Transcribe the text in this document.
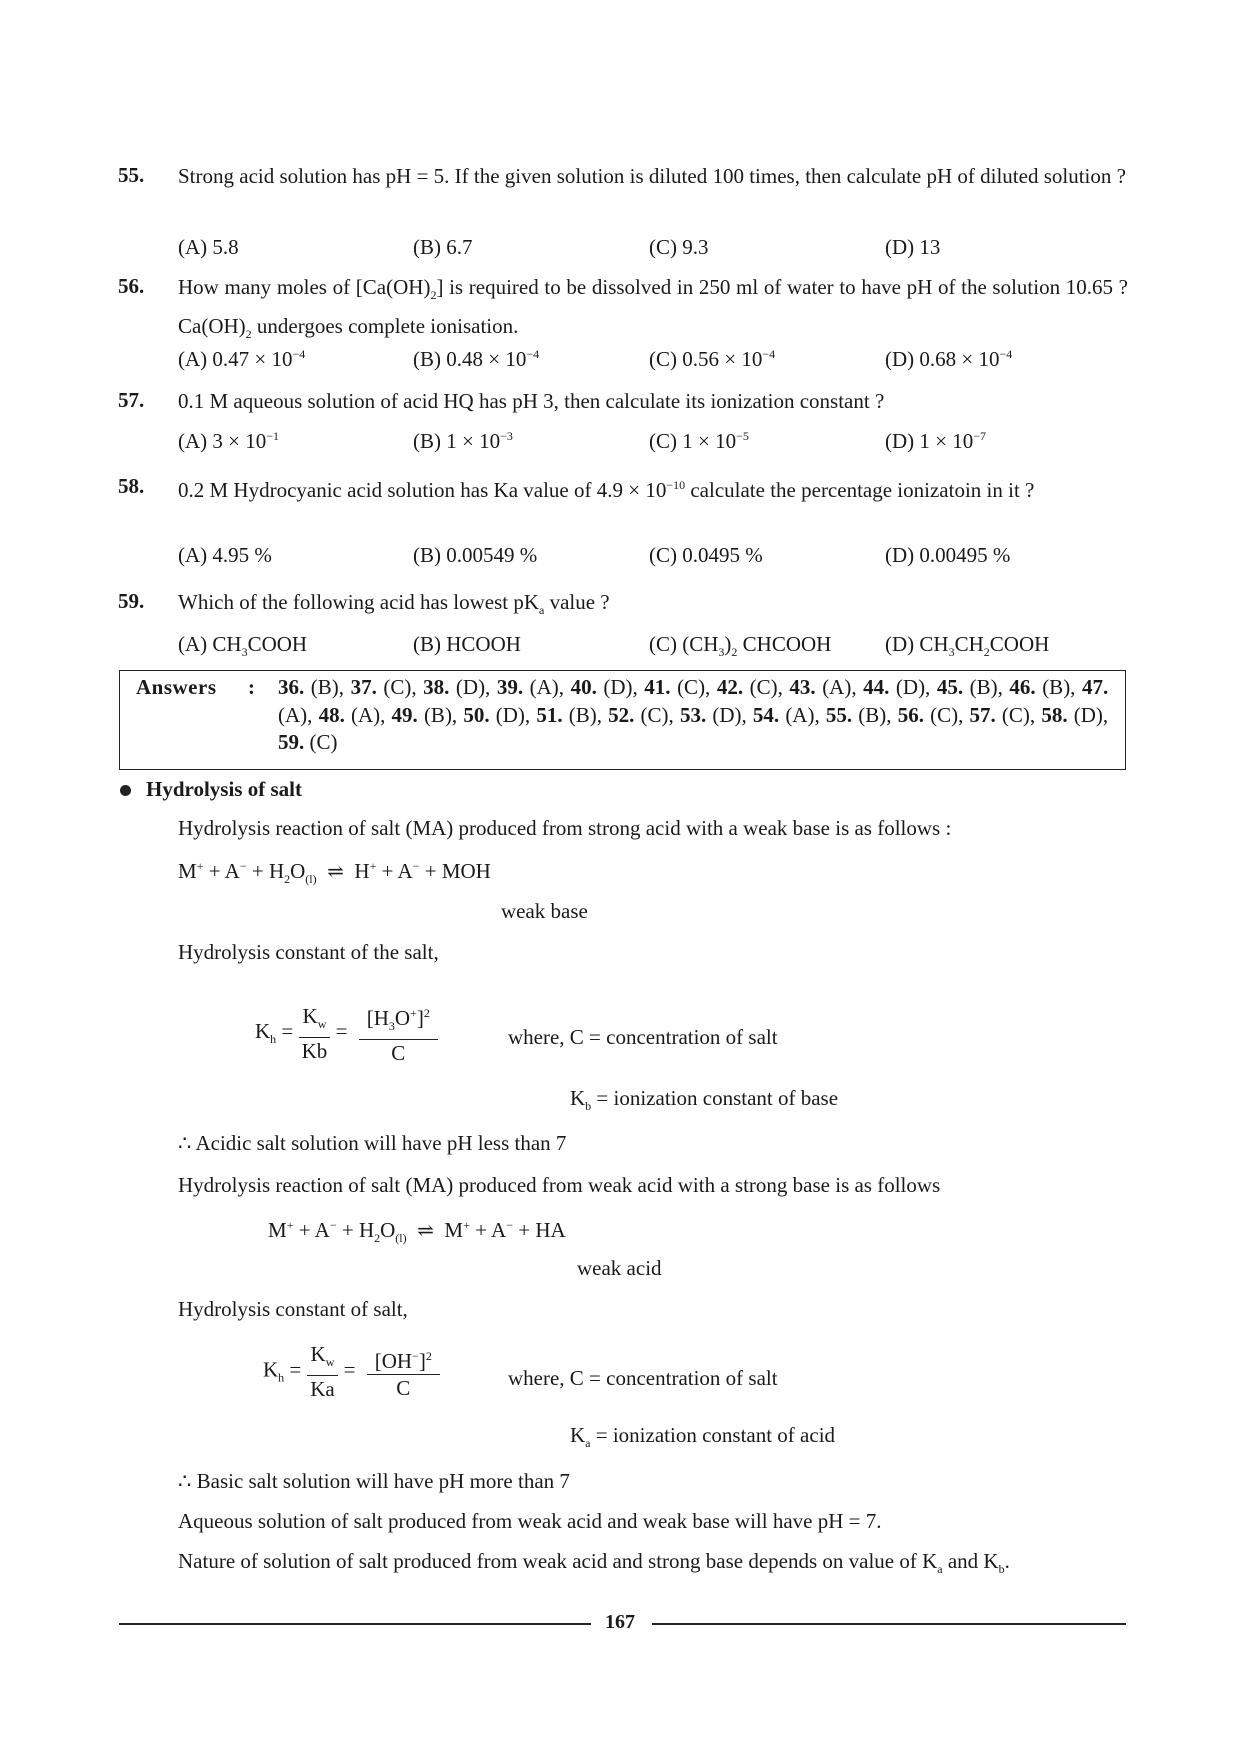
55. Strong acid solution has pH = 5. If the given solution is diluted 100 times, then calculate pH of diluted solution ?
(A) 5.8	(B) 6.7	(C) 9.3	(D) 13
56. How many moles of $[Ca(OH)_2]$ is required to be dissolved in 250 ml of water to have pH of the solution 10.65 ? $Ca(OH)_2$ undergoes complete ionisation.
(A) $0.47 \times 10^{-4}$	(B) $0.48 \times 10^{-4}$	(C) $0.56 \times 10^{-4}$	(D) $0.68 \times 10^{-4}$
57. 0.1 M aqueous solution of acid HQ has pH 3, then calculate its ionization constant ?
(A) $3 \times 10^{-1}$	(B) $1 \times 10^{-3}$	(C) $1 \times 10^{-5}$	(D) $1 \times 10^{-7}$
58. 0.2 M Hydrocyanic acid solution has Ka value of $4.9 \times 10^{-10}$ calculate the percentage ionizatoin in it ?
(A) 4.95 %	(B) 0.00549 %	(C) 0.0495 %	(D) 0.00495 %
59. Which of the following acid has lowest $pK_a$ value ?
(A) $CH_3COOH$	(B) HCOOH	(C) $(CH_3)_2$ CHCOOH	(D) $CH_3CH_2COOH$
Answers : 36. (B), 37. (C), 38. (D), 39. (A), 40. (D), 41. (C), 42. (C), 43. (A), 44. (D), 45. (B), 46. (B), 47. (A), 48. (A), 49. (B), 50. (D), 51. (B), 52. (C), 53. (D), 54. (A), 55. (B), 56. (C), 57. (C), 58. (D), 59. (C)
Hydrolysis of salt
Hydrolysis reaction of salt (MA) produced from strong acid with a weak base is as follows :
$M^+ + A^- + H_2O_{(l)}$ ⇌ H+ + A− + MOH
weak base
Hydrolysis constant of the salt,
$K_h = \frac{K_w}{Kb} = \frac{[H_3O^+]^2}{C}$	where, C = concentration of salt
$K_b$ = ionization constant of base
∴ Acidic salt solution will have pH less than 7
Hydrolysis reaction of salt (MA) produced from weak acid with a strong base is as follows
$M^+ + A^- + H_2O_{(l)}$ ⇌ M+ + A− + HA
weak acid
Hydrolysis constant of salt,
$K_h = \frac{K_w}{Ka} = \frac{[OH^-]^2}{C}$	where, C = concentration of salt
$K_a$ = ionization constant of acid
∴ Basic salt solution will have pH more than 7
Aqueous solution of salt produced from weak acid and weak base will have pH = 7.
Nature of solution of salt produced from weak acid and strong base depends on value of $K_a$ and $K_b$.
167
